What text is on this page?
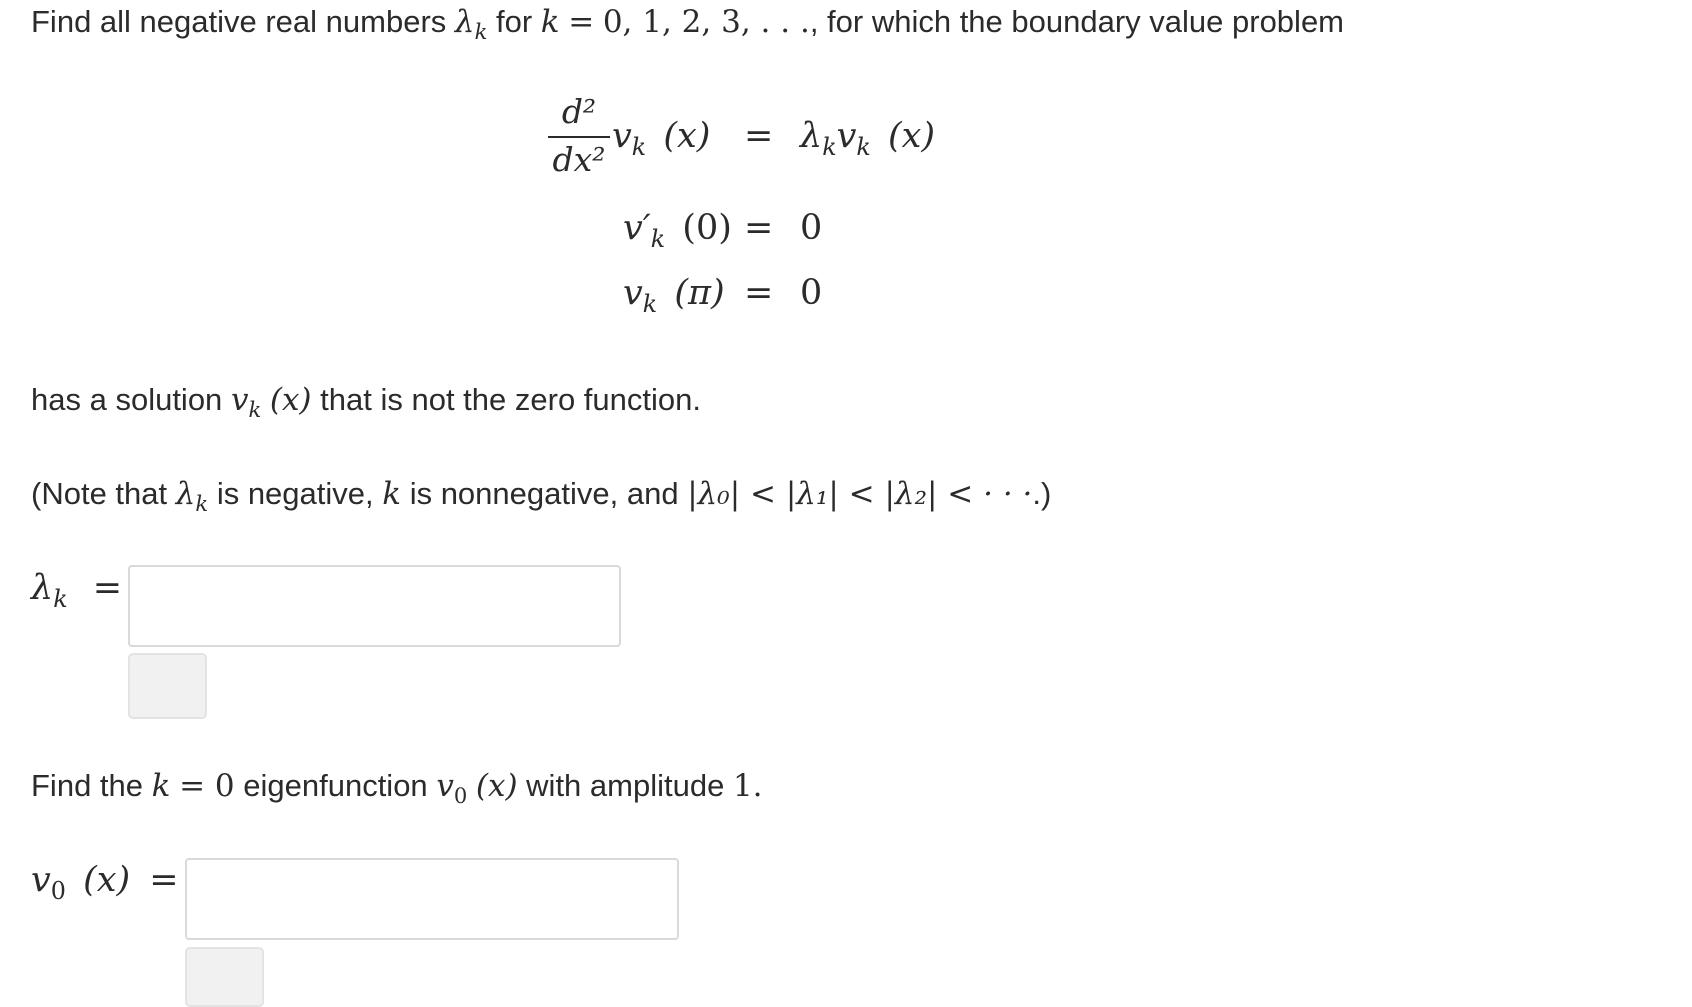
Find all negative real numbers $\lambda_k$ for k = 0, 1, 2, 3, . . ., for which the boundary value problem
d²
dx²
$v_k$ $(x) = \lambda_kv_k$ (x)
$v'_k$ (0) = 0
$v_k$ (π) = 0
has a solution $v_k$ (x) that is not the zero function.
(Note that $\lambda_k$ is negative, k is nonnegative, and |λ₀| < |λ₁| < |λ₂| < · · ·.)
$\lambda_k$ =
Find the k = 0 eigenfunction $v_0$ (x) with amplitude 1.
$v_0$ (x) =
